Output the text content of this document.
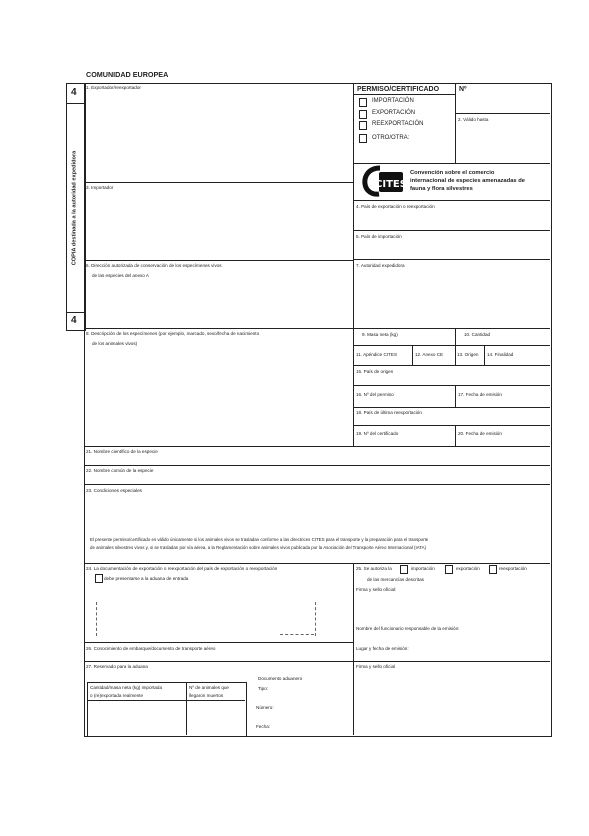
COMUNIDAD EUROPEA
4
4
COPIA destinada a la autoridad expedidora
PERMISO/CERTIFICADO	Nº
IMPORTACIÓN
EXPORTACIÓN
REEXPORTACIÓN
OTRO/OTRA:
2. Válido hasta
CITES
Convención sobre el comercio
internacional de especies amenazadas de
fauna y flora silvestres
1. Exportador/reexportador
3. Importador
4. País de exportación o reexportación
5. País de importación
6. Dirección autorizada de conservación de los especímenes vivos
de las especies del anexo A
7. Autoridad expedidora
8. Descripción de los especímenes (por ejemplo, marcado, sexo/fecha de nacimiento
de los animales vivos)
9. Masa neta (kg)	10. Cantidad
11. Apéndice CITES	12. Anexo CE	13. Origen 14. Finalidad
15. País de origen
16. Nº del permiso	17. Fecha de emisión
18. País de última reexportación
19. Nº del certificado	20. Fecha de emisión
21. Nombre científico de la especie
22. Nombre común de la especie
23. Condiciones especiales
El presente permiso/certificado es válido únicamente si los animales vivos se trasladan conforme a las directrices CITES para el transporte y la preparación para el transporte
de animales silvestres vivos y, si se trasladan por vía aérea, a la Reglamentación sobre animales vivos publicada por la Asociación del Transporte Aéreo Internacional (IATA)
24. La documentación de exportación o reexportación del país de exportación o reexportación
debe presentarse a la aduana de entrada
25. Se autoriza la	importación	exportación	reexportación
de las mercancías descritas
Firma y sello oficial:
Nombre del funcionario responsable de la emisión:
Lugar y fecha de emisión:
26. Conocimiento de embarque/documento de transporte aéreo
27. Reservado para la aduana	Firma y sello oficial
Documento aduanero
Tipo:
Número:
Fecha:
Cantidad/masa neta (kg) importada
o (re)exportada realmente
Nº de animales que
llegaron muertos
